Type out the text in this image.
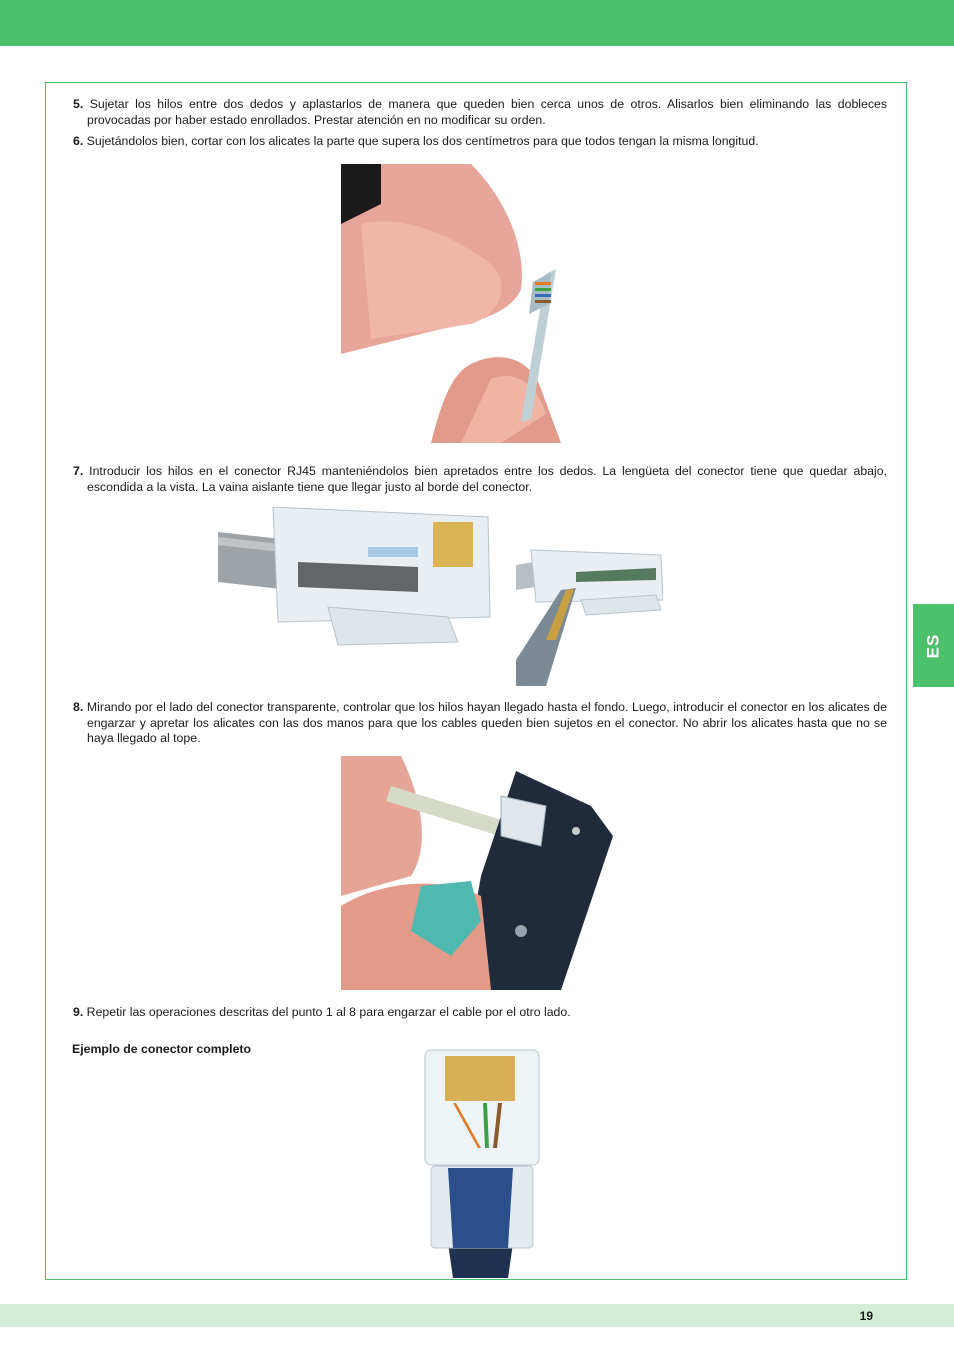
5. Sujetar los hilos entre dos dedos y aplastarlos de manera que queden bien cerca unos de otros. Alisarlos bien eliminando las dobleces provocadas por haber estado enrollados. Prestar atención en no modificar su orden.
6. Sujetándolos bien, cortar con los alicates la parte que supera los dos centímetros para que todos tengan la misma longitud.
7. Introducir los hilos en el conector RJ45 manteniéndolos bien apretados entre los dedos. La lengüeta del conector tiene que quedar abajo, escondida a la vista. La vaina aislante tiene que llegar justo al borde del conector.
8. Mirando por el lado del conector transparente, controlar que los hilos hayan llegado hasta el fondo. Luego, introducir el conector en los alicates de engarzar y apretar los alicates con las dos manos para que los cables queden bien sujetos en el conector. No abrir los alicates hasta que no se haya llegado al tope.
9. Repetir las operaciones descritas del punto 1 al 8 para engarzar el cable por el otro lado.
Ejemplo de conector completo
ES
19
